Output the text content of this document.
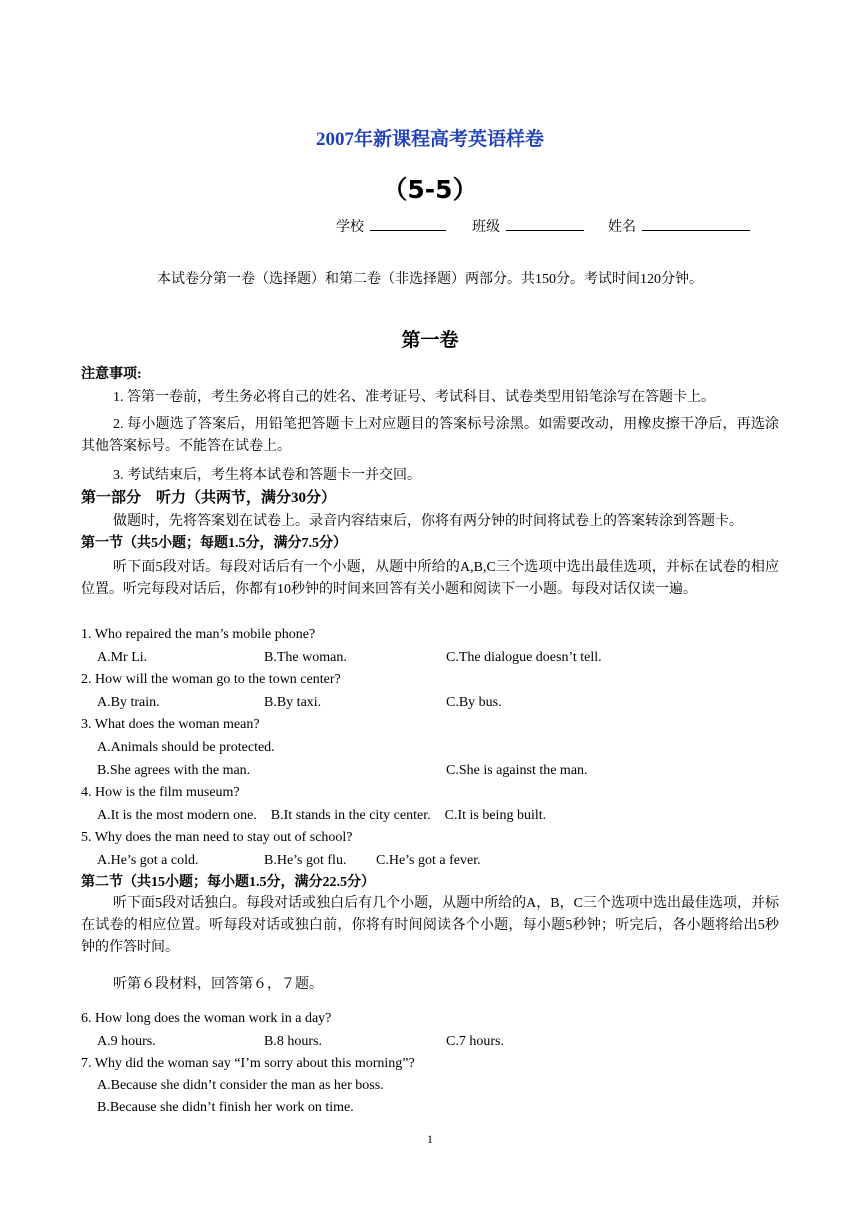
2007年新课程高考英语样卷
（5-5）
学校	班级	姓名
本试卷分第一卷（选择题）和第二卷（非选择题）两部分。共150分。考试时间120分钟。
第一卷
注意事项:
1. 答第一卷前，考生务必将自己的姓名、准考证号、考试科目、试卷类型用铅笔涂写在答题卡上。
2. 每小题选了答案后，用铅笔把答题卡上对应题目的答案标号涂黑。如需要改动，用橡皮擦干净后，再选涂其他答案标号。不能答在试卷上。
3. 考试结束后，考生将本试卷和答题卡一并交回。
第一部分　听力（共两节，满分30分）
做题时，先将答案划在试卷上。录音内容结束后，你将有两分钟的时间将试卷上的答案转涂到答题卡。
第一节（共5小题；每题1.5分，满分7.5分）
听下面5段对话。每段对话后有一个小题，从题中所给的A,B,C三个选项中选出最佳选项，并标在试卷的相应位置。听完每段对话后，你都有10秒钟的时间来回答有关小题和阅读下一小题。每段对话仅读一遍。
1. Who repaired the man’s mobile phone?
A.Mr Li.	B.The woman.	C.The dialogue doesn’t tell.
2. How will the woman go to the town center?
A.By train.	B.By taxi.	C.By bus.
3. What does the woman mean?
A.Animals should be protected.
B.She agrees with the man.	C.She is against the man.
4. How is the film museum?
A.It is the most modern one.    B.It stands in the city center.    C.It is being built.
5. Why does the man need to stay out of school?
A.He’s got a cold.	B.He’s got flu. C.He’s got a fever.
第二节（共15小题；每小题1.5分，满分22.5分）
听下面5段对话独白。每段对话或独白后有几个小题，从题中所给的A，B，C三个选项中选出最佳选项，并标在试卷的相应位置。听每段对话或独白前，你将有时间阅读各个小题，每小题5秒钟；听完后，各小题将给出5秒钟的作答时间。
听第６段材料，回答第６，７题。
6. How long does the woman work in a day?
A.9 hours.	B.8 hours.	C.7 hours.
7. Why did the woman say “I’m sorry about this morning”?
A.Because she didn’t consider the man as her boss.
B.Because she didn’t finish her work on time.
1
